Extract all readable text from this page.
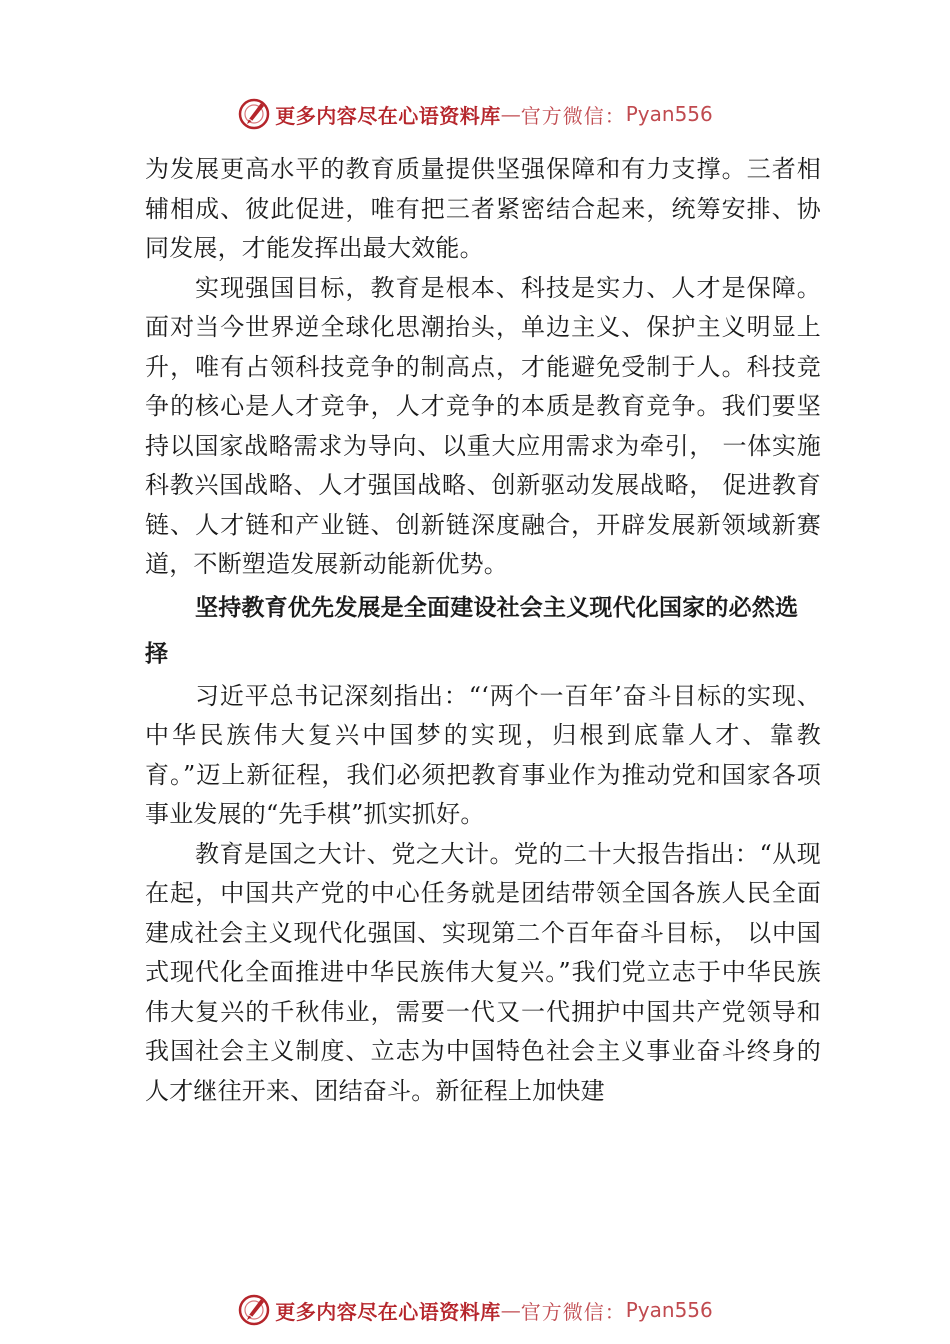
更多内容尽在心语资料库 — 官方微信： Pyan556

为发展更高水平的教育质量提供坚强保障和有力支撑。三者相辅相成、彼此促进，唯有把三者紧密结合起来，统筹安排、协同发展，才能发挥出最大效能。

实现强国目标，教育是根本、科技是实力、人才是保障。面对当今世界逆全球化思潮抬头，单边主义、保护主义明显上升，唯有占领科技竞争的制高点，才能避免受制于人。科技竞争的核心是人才竞争，人才竞争的本质是教育竞争。我们要坚持以国家战略需求为导向、以重大应用需求为牵引， 一体实施科教兴国战略、人才强国战略、创新驱动发展战略， 促进教育链、人才链和产业链、创新链深度融合，开辟发展新领域新赛道，不断塑造发展新动能新优势。

坚持教育优先发展是全面建设社会主义现代化国家的必然选择

习近平总书记深刻指出：“‘两个一百年’奋斗目标的实现、中华民族伟大复兴中国梦的实现，归根到底靠人才、靠教育。”迈上新征程，我们必须把教育事业作为推动党和国家各项事业发展的“先手棋”抓实抓好。

教育是国之大计、党之大计。党的二十大报告指出：“从现在起，中国共产党的中心任务就是团结带领全国各族人民全面建成社会主义现代化强国、实现第二个百年奋斗目标， 以中国式现代化全面推进中华民族伟大复兴。”我们党立志于中华民族伟大复兴的千秋伟业，需要一代又一代拥护中国共产党领导和我国社会主义制度、立志为中国特色社会主义事业奋斗终身的人才继往开来、团结奋斗。新征程上加快建

更多内容尽在心语资料库 — 官方微信： Pyan556
